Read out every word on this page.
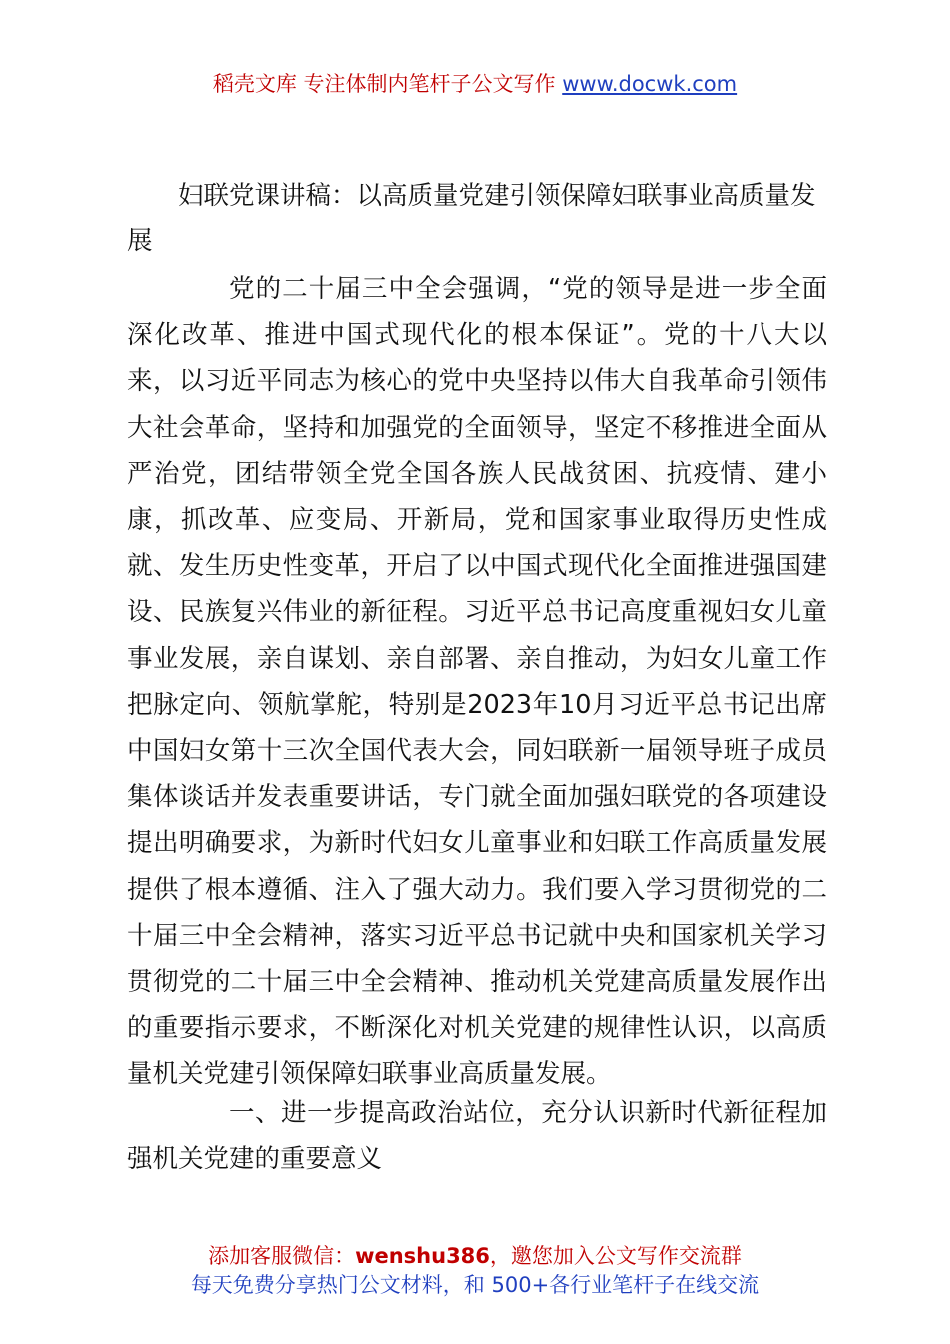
稻壳文库 专注体制内笔杆子公文写作 www.docwk.com
妇联党课讲稿：以高质量党建引领保障妇联事业高质量发展

党的二十届三中全会强调，“党的领导是进一步全面深化改革、推进中国式现代化的根本保证”。党的十八大以来，以习近平同志为核心的党中央坚持以伟大自我革命引领伟大社会革命，坚持和加强党的全面领导，坚定不移推进全面从严治党，团结带领全党全国各族人民战贫困、抗疫情、建小康，抓改革、应变局、开新局，党和国家事业取得历史性成就、发生历史性变革，开启了以中国式现代化全面推进强国建设、民族复兴伟业的新征程。习近平总书记高度重视妇女儿童事业发展，亲自谋划、亲自部署、亲自推动，为妇女儿童工作把脉定向、领航掌舵，特别是2023年10月习近平总书记出席中国妇女第十三次全国代表大会，同妇联新一届领导班子成员集体谈话并发表重要讲话，专门就全面加强妇联党的各项建设提出明确要求，为新时代妇女儿童事业和妇联工作高质量发展提供了根本遵循、注入了强大动力。我们要入学习贯彻党的二十届三中全会精神，落实习近平总书记就中央和国家机关学习贯彻党的二十届三中全会精神、推动机关党建高质量发展作出的重要指示要求，不断深化对机关党建的规律性认识，以高质量机关党建引领保障妇联事业高质量发展。

一、进一步提高政治站位，充分认识新时代新征程加强机关党建的重要意义

添加客服微信：wenshu386，邀您加入公文写作交流群
每天免费分享热门公文材料，和 500+各行业笔杆子在线交流
